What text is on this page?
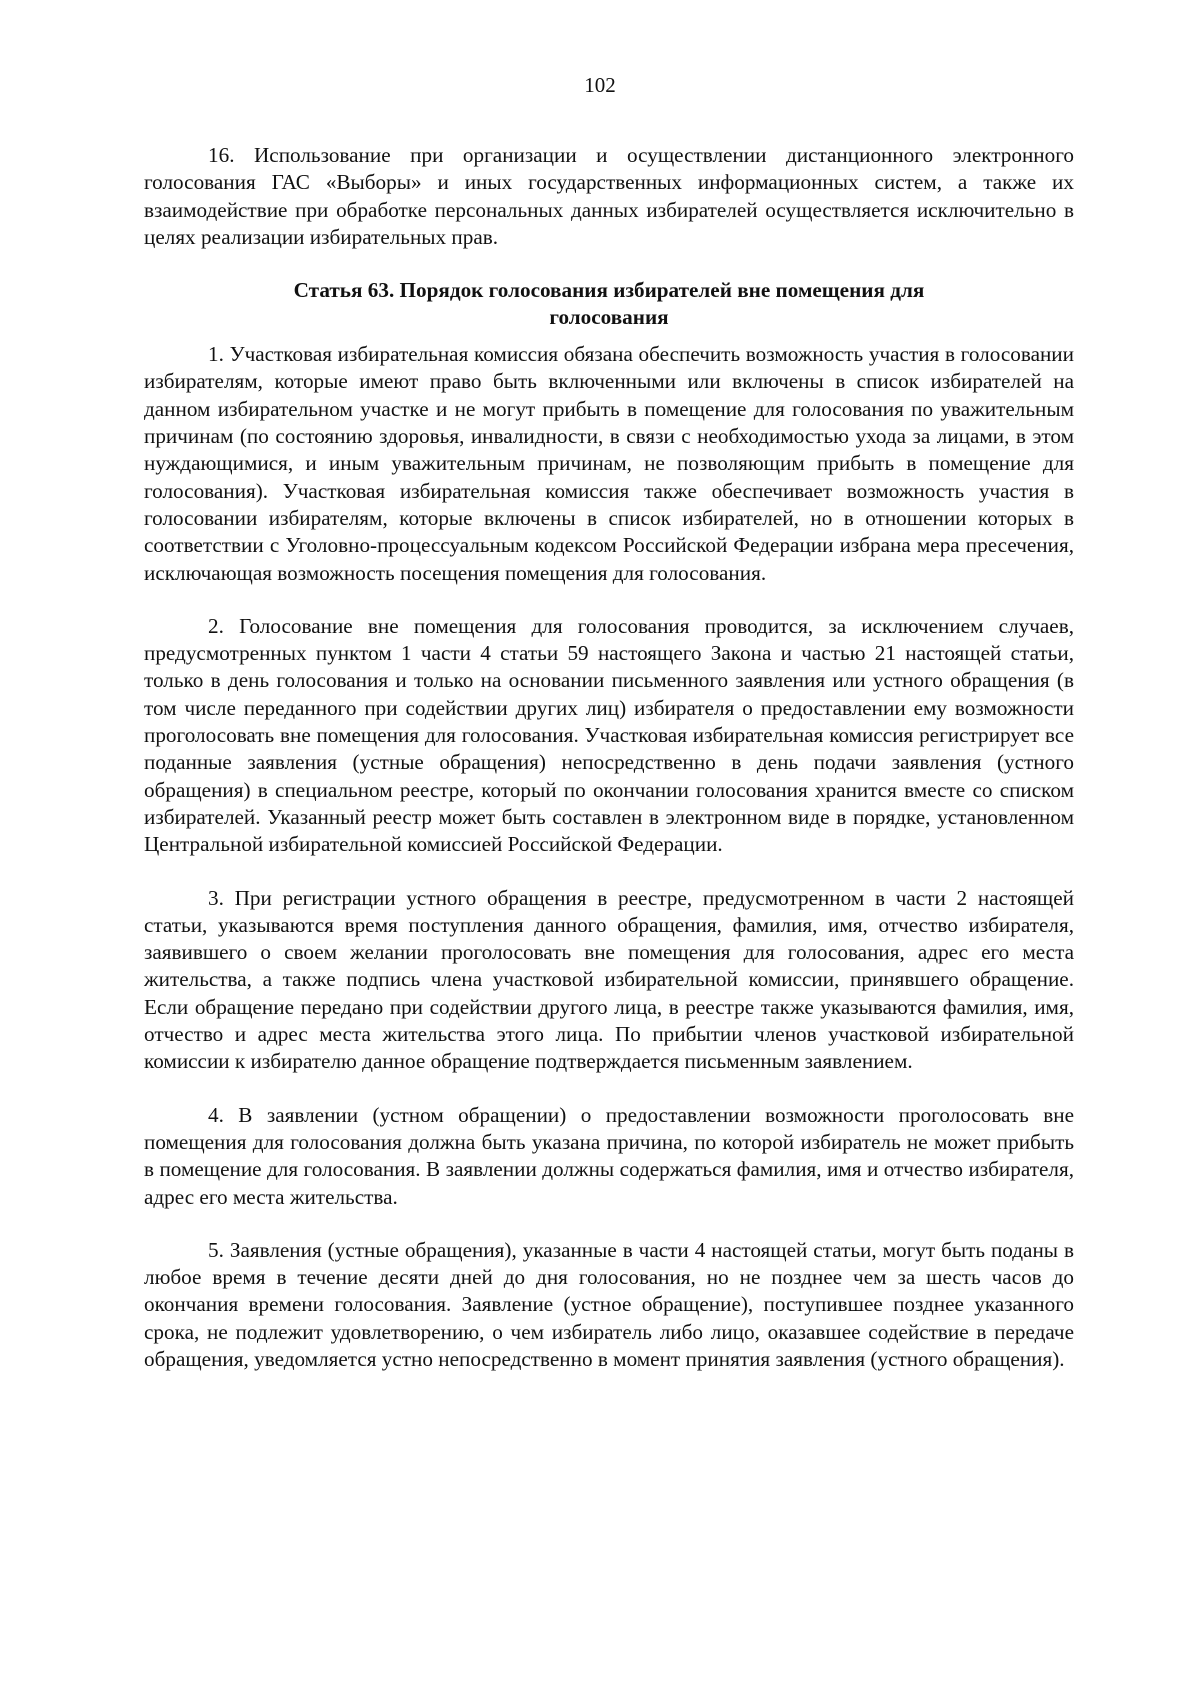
102

16. Использование при организации и осуществлении дистанционного электронного голосования ГАС «Выборы» и иных государственных информационных систем, а также их взаимодействие при обработке персональных данных избирателей осуществляется исключительно в целях реализации избирательных прав.

Статья 63. Порядок голосования избирателей вне помещения для голосования

1. Участковая избирательная комиссия обязана обеспечить возможность участия в голосовании избирателям, которые имеют право быть включенными или включены в список избирателей на данном избирательном участке и не могут прибыть в помещение для голосования по уважительным причинам (по состоянию здоровья, инвалидности, в связи с необходимостью ухода за лицами, в этом нуждающимися, и иным уважительным причинам, не позволяющим прибыть в помещение для голосования). Участковая избирательная комиссия также обеспечивает возможность участия в голосовании избирателям, которые включены в список избирателей, но в отношении которых в соответствии с Уголовно-процессуальным кодексом Российской Федерации избрана мера пресечения, исключающая возможность посещения помещения для голосования.

2. Голосование вне помещения для голосования проводится, за исключением случаев, предусмотренных пунктом 1 части 4 статьи 59 настоящего Закона и частью 21 настоящей статьи, только в день голосования и только на основании письменного заявления или устного обращения (в том числе переданного при содействии других лиц) избирателя о предоставлении ему возможности проголосовать вне помещения для голосования. Участковая избирательная комиссия регистрирует все поданные заявления (устные обращения) непосредственно в день подачи заявления (устного обращения) в специальном реестре, который по окончании голосования хранится вместе со списком избирателей. Указанный реестр может быть составлен в электронном виде в порядке, установленном Центральной избирательной комиссией Российской Федерации.

3. При регистрации устного обращения в реестре, предусмотренном в части 2 настоящей статьи, указываются время поступления данного обращения, фамилия, имя, отчество избирателя, заявившего о своем желании проголосовать вне помещения для голосования, адрес его места жительства, а также подпись члена участковой избирательной комиссии, принявшего обращение. Если обращение передано при содействии другого лица, в реестре также указываются фамилия, имя, отчество и адрес места жительства этого лица. По прибытии членов участковой избирательной комиссии к избирателю данное обращение подтверждается письменным заявлением.

4. В заявлении (устном обращении) о предоставлении возможности проголосовать вне помещения для голосования должна быть указана причина, по которой избиратель не может прибыть в помещение для голосования. В заявлении должны содержаться фамилия, имя и отчество избирателя, адрес его места жительства.

5. Заявления (устные обращения), указанные в части 4 настоящей статьи, могут быть поданы в любое время в течение десяти дней до дня голосования, но не позднее чем за шесть часов до окончания времени голосования. Заявление (устное обращение), поступившее позднее указанного срока, не подлежит удовлетворению, о чем избиратель либо лицо, оказавшее содействие в передаче обращения, уведомляется устно непосредственно в момент принятия заявления (устного обращения).
